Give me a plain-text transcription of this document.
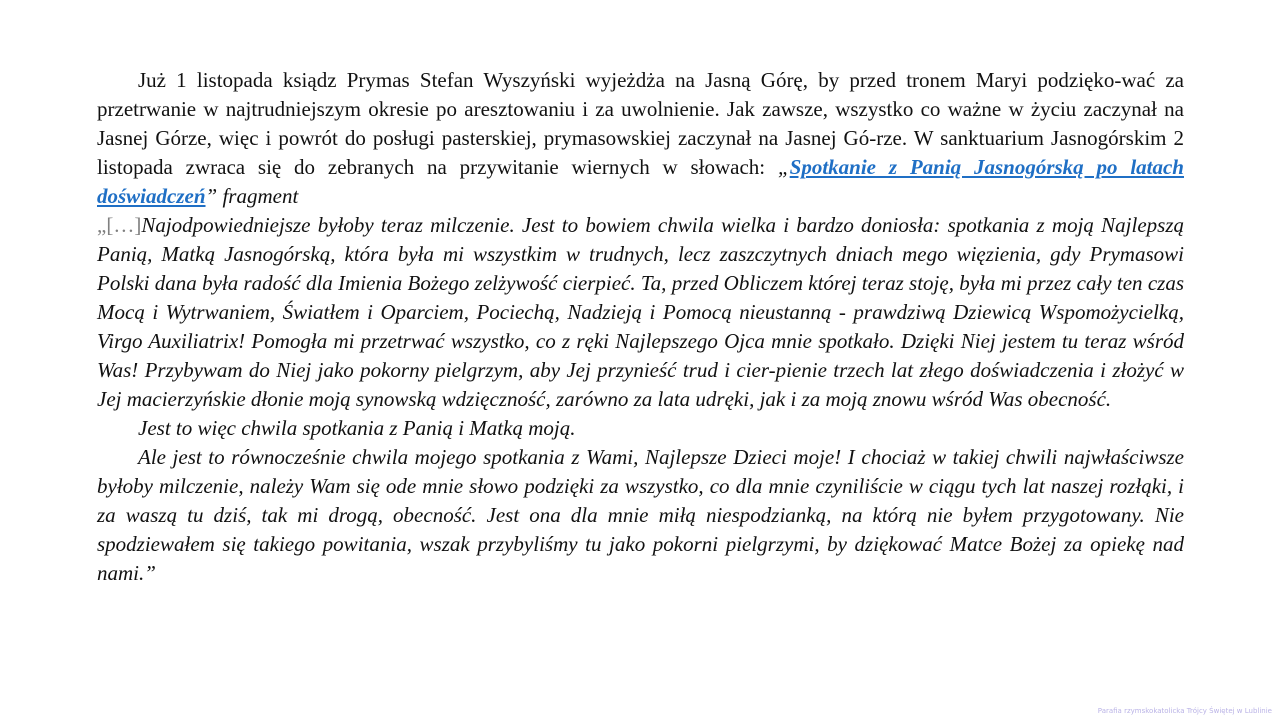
Już 1 listopada ksiądz Prymas Stefan Wyszyński wyjeżdża na Jasną Górę, by przed tronem Maryi podzięko-wać za przetrwanie w najtrudniejszym okresie po aresztowaniu i za uwolnienie. Jak zawsze, wszystko co ważne w życiu zaczynał na Jasnej Górze, więc i powrót do posługi pasterskiej, prymasowskiej zaczynał na Jasnej Gó-rze. W sanktuarium Jasnogórskim 2 listopada zwraca się do zebranych na przywitanie wiernych w słowach: „Spotkanie z Panią Jasnogórską po latach doświadczeń” fragment

„[…]Najodpowiedniejsze byłoby teraz milczenie. Jest to bowiem chwila wielka i bardzo doniosła: spotkania z moją Najlepszą Panią, Matką Jasnogórską, która była mi wszystkim w trudnych, lecz zaszczytnych dniach mego więzienia, gdy Prymasowi Polski dana była radość dla Imienia Bożego zelżywość cierpieć. Ta, przed Obliczem której teraz stoję, była mi przez cały ten czas Mocą i Wytrwaniem, Światłem i Oparciem, Pociechą, Nadzieją i Pomocą nieustanną - prawdziwą Dziewicą Wspomożycielką, Virgo Auxiliatrix! Pomogła mi przetrwać wszystko, co z ręki Najlepszego Ojca mnie spotkało. Dzięki Niej jestem tu teraz wśród Was! Przybywam do Niej jako pokorny pielgrzym, aby Jej przynieść trud i cier-pienie trzech lat złego doświadczenia i złożyć w Jej macierzyńskie dłonie moją synowską wdzięczność, zarówno za lata udręki, jak i za moją znowu wśród Was obecność.

Jest to więc chwila spotkania z Panią i Matką moją.

Ale jest to równocześnie chwila mojego spotkania z Wami, Najlepsze Dzieci moje! I chociaż w takiej chwili najwłaściwsze byłoby milczenie, należy Wam się ode mnie słowo podzięki za wszystko, co dla mnie czyniliście w ciągu tych lat naszej rozłąki, i za waszą tu dziś, tak mi drogą, obecność. Jest ona dla mnie miłą niespodzianką, na którą nie byłem przygotowany. Nie spodziewałem się takiego powitania, wszak przybyliśmy tu jako pokorni pielgrzymi, by dziękować Matce Bożej za opiekę nad nami.”

Parafia rzymskokatolicka Trójcy Świętej w Lublinie
